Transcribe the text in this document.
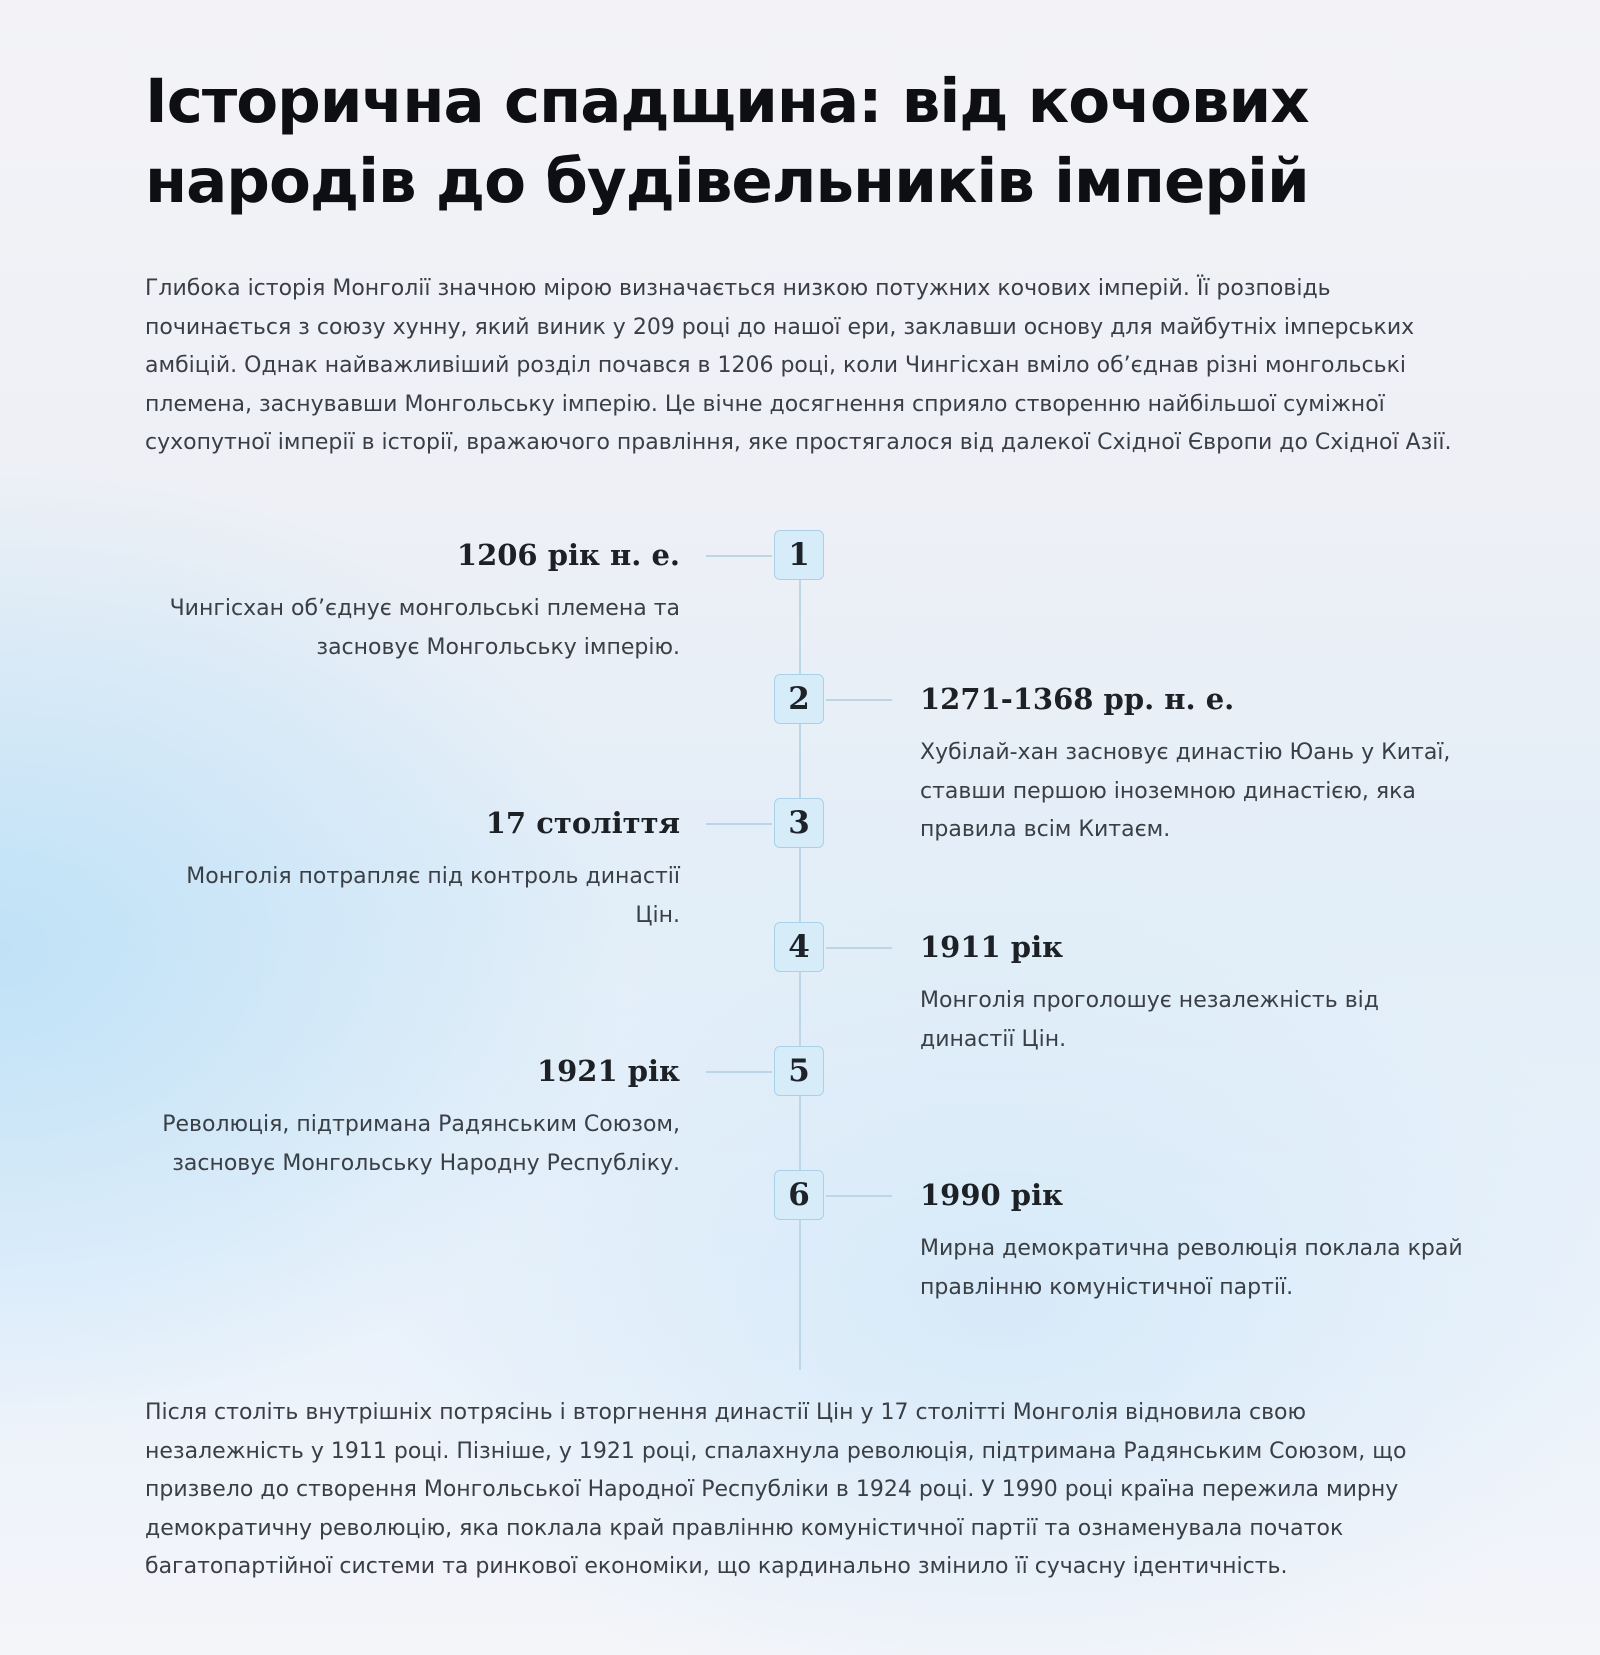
Історична спадщина: від кочових народів до будівельників імперій

Глибока історія Монголії значною мірою визначається низкою потужних кочових імперій. Її розповідь починається з союзу хунну, який виник у 209 році до нашої ери, заклавши основу для майбутніх імперських амбіцій. Однак найважливіший розділ почався в 1206 році, коли Чингісхан вміло об’єднав різні монгольські племена, заснувавши Монгольську імперію. Це вічне досягнення сприяло створенню найбільшої суміжної сухопутної імперії в історії, вражаючого правління, яке простягалося від далекої Східної Європи до Східної Азії.

1

1206 рік н. е.

Чингісхан об’єднує монгольські племена та засновує Монгольську імперію.

2	1271-1368 рр. н. е.

Хубілай-хан засновує династію Юань у Китаї, ставши першою іноземною династією, яка правила всім Китаєм.

3

17 століття

Монголія потрапляє під контроль династії Цін.

4	1911 рік

Монголія проголошує незалежність від династії Цін.

5

1921 рік

Революція, підтримана Радянським Союзом, засновує Монгольську Народну Республіку.

6	1990 рік

Мирна демократична революція поклала край правлінню комуністичної партії.

Після століть внутрішніх потрясінь і вторгнення династії Цін у 17 столітті Монголія відновила свою незалежність у 1911 році. Пізніше, у 1921 році, спалахнула революція, підтримана Радянським Союзом, що призвело до створення Монгольської Народної Республіки в 1924 році. У 1990 році країна пережила мирну демократичну революцію, яка поклала край правлінню комуністичної партії та ознаменувала початок багатопартійної системи та ринкової економіки, що кардинально змінило її сучасну ідентичність.
